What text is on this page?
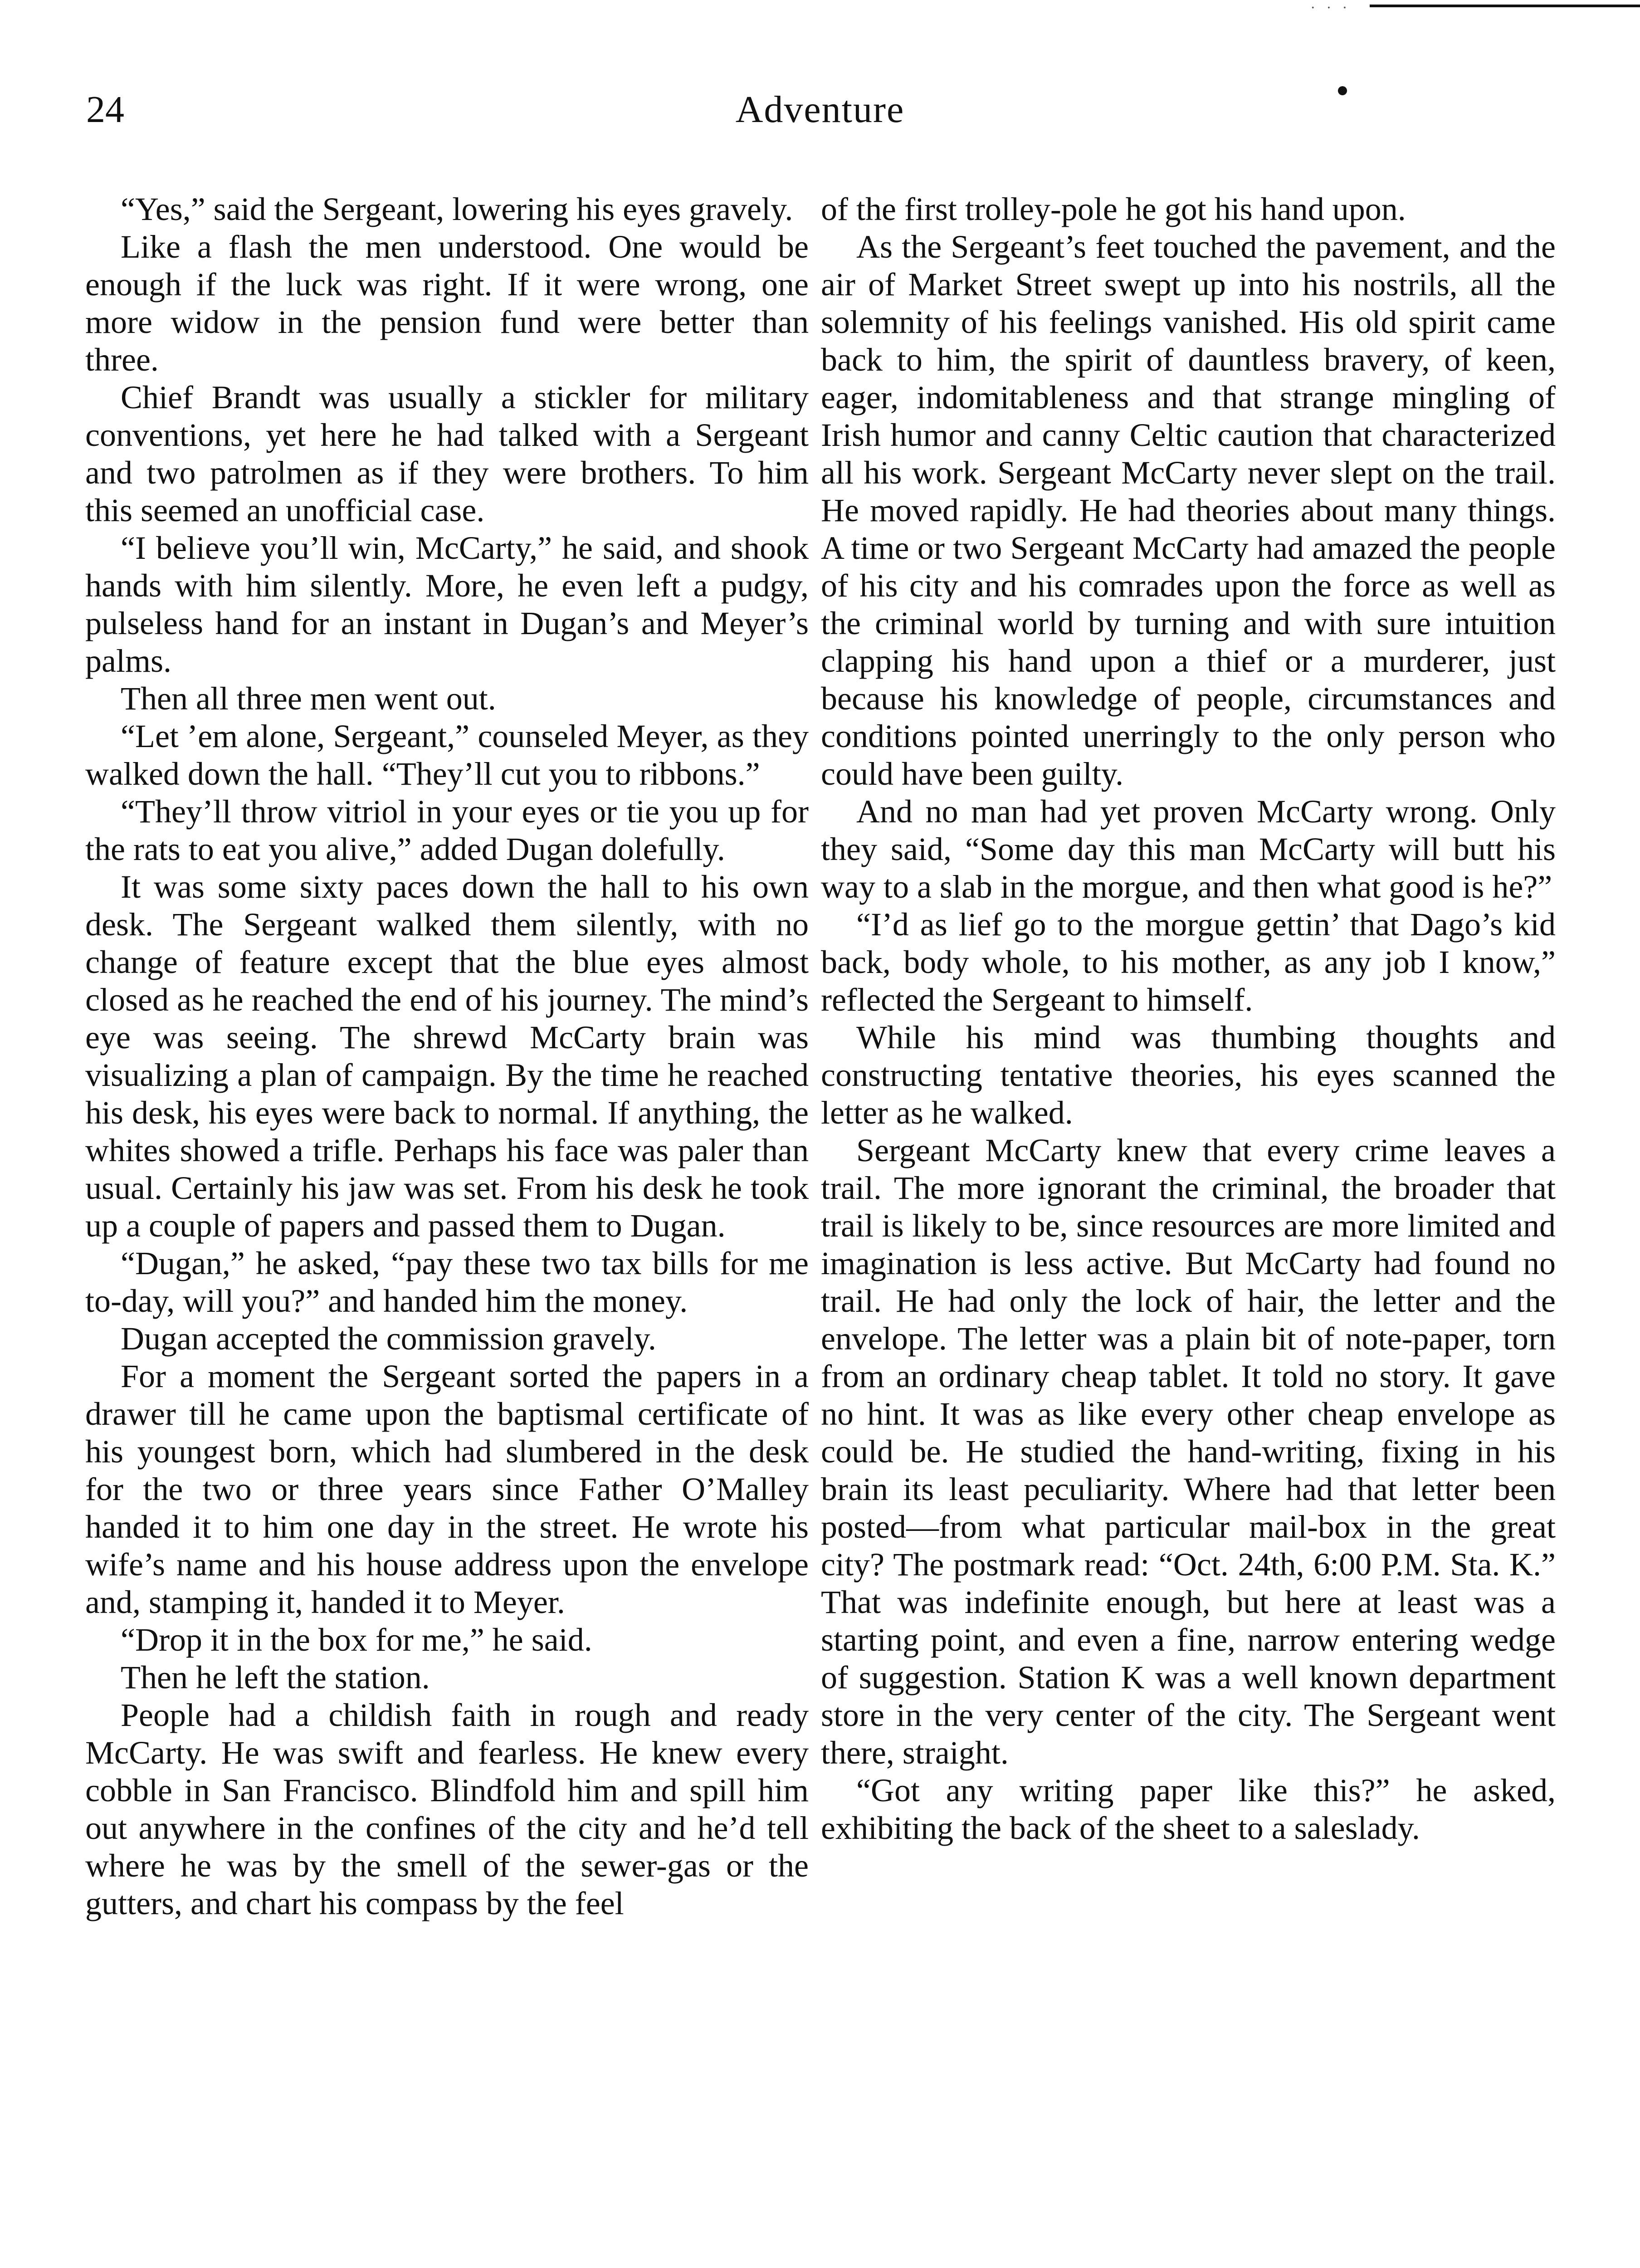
· · ·
24	Adventure

“Yes,” said the Sergeant, lowering his eyes gravely.

Like a flash the men understood. One would be enough if the luck was right. If it were wrong, one more widow in the pension fund were better than three.

Chief Brandt was usually a stickler for military conventions, yet here he had talked with a Sergeant and two patrolmen as if they were brothers. To him this seemed an unofficial case.

“I believe you’ll win, McCarty,” he said, and shook hands with him silently. More, he even left a pudgy, pulseless hand for an instant in Dugan’s and Meyer’s palms.

Then all three men went out.

“Let ’em alone, Sergeant,” counseled Meyer, as they walked down the hall. “They’ll cut you to ribbons.”

“They’ll throw vitriol in your eyes or tie you up for the rats to eat you alive,” added Dugan dolefully.

It was some sixty paces down the hall to his own desk. The Sergeant walked them silently, with no change of feature except that the blue eyes almost closed as he reached the end of his journey. The mind’s eye was seeing. The shrewd McCarty brain was visualizing a plan of campaign. By the time he reached his desk, his eyes were back to normal. If anything, the whites showed a trifle. Perhaps his face was paler than usual. Certainly his jaw was set. From his desk he took up a couple of papers and passed them to Dugan.

“Dugan,” he asked, “pay these two tax bills for me to-day, will you?” and handed him the money.

Dugan accepted the commission gravely.

For a moment the Sergeant sorted the papers in a drawer till he came upon the baptismal certificate of his youngest born, which had slumbered in the desk for the two or three years since Father O’Malley handed it to him one day in the street. He wrote his wife’s name and his house address upon the envelope and, stamping it, handed it to Meyer.

“Drop it in the box for me,” he said.

Then he left the station.

People had a childish faith in rough and ready McCarty. He was swift and fearless. He knew every cobble in San Francisco. Blindfold him and spill him out anywhere in the confines of the city and he’d tell where he was by the smell of the sewer-gas or the gutters, and chart his compass by the feel

of the first trolley-pole he got his hand upon.

As the Sergeant’s feet touched the pavement, and the air of Market Street swept up into his nostrils, all the solemnity of his feelings vanished. His old spirit came back to him, the spirit of dauntless bravery, of keen, eager, indomitableness and that strange mingling of Irish humor and canny Celtic caution that characterized all his work. Sergeant McCarty never slept on the trail. He moved rapidly. He had theories about many things. A time or two Sergeant McCarty had amazed the people of his city and his comrades upon the force as well as the criminal world by turning and with sure intuition clapping his hand upon a thief or a murderer, just because his knowledge of people, circumstances and conditions pointed unerringly to the only person who could have been guilty.

And no man had yet proven McCarty wrong. Only they said, “Some day this man McCarty will butt his way to a slab in the morgue, and then what good is he?”

“I’d as lief go to the morgue gettin’ that Dago’s kid back, body whole, to his mother, as any job I know,” reflected the Sergeant to himself.

While his mind was thumbing thoughts and constructing tentative theories, his eyes scanned the letter as he walked.

Sergeant McCarty knew that every crime leaves a trail. The more ignorant the criminal, the broader that trail is likely to be, since resources are more limited and imagination is less active. But McCarty had found no trail. He had only the lock of hair, the letter and the envelope. The letter was a plain bit of note-paper, torn from an ordinary cheap tablet. It told no story. It gave no hint. It was as like every other cheap envelope as could be. He studied the hand-writing, fixing in his brain its least peculiarity. Where had that letter been posted—from what particular mail-box in the great city? The postmark read: “Oct. 24th, 6:00 P.M. Sta. K.” That was indefinite enough, but here at least was a starting point, and even a fine, narrow entering wedge of suggestion. Station K was a well known department store in the very center of the city. The Sergeant went there, straight.

“Got any writing paper like this?” he asked, exhibiting the back of the sheet to a saleslady.
